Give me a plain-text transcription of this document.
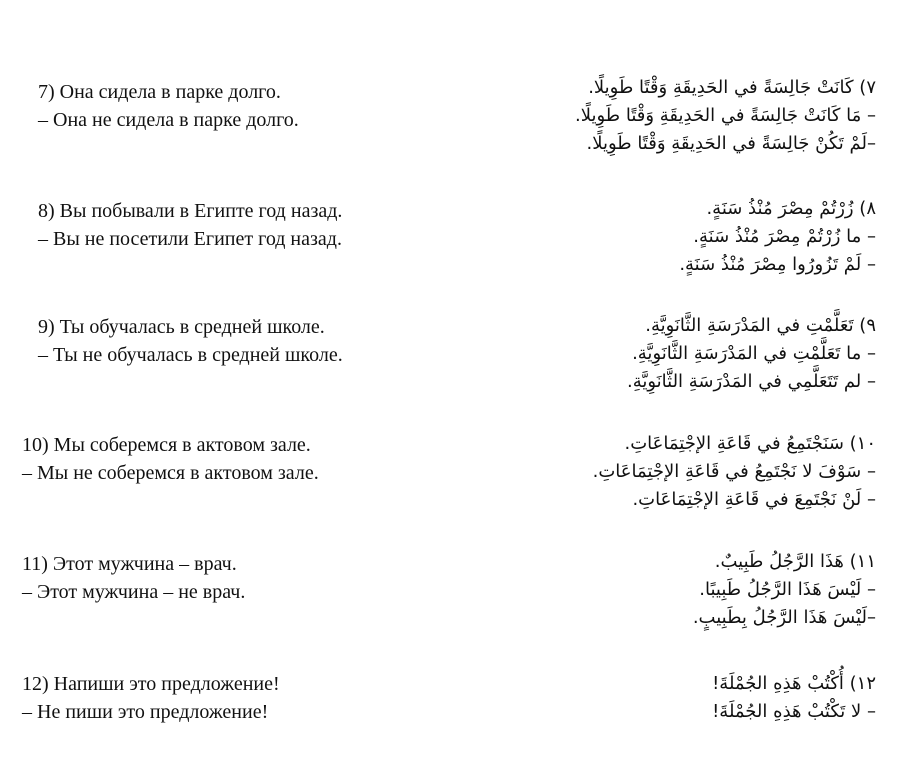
7) Она сидела в парке долго.
– Она не сидела в парке долго.
٧) كَانَتْ جَالِسَةً في الحَدِيقَةِ وَقْتًا طَوِيلًا.
– مَا كَانَتْ جَالِسَةً في الحَدِيقَةِ وَقْتًا طَوِيلًا.
–لَمْ تَكُنْ جَالِسَةً في الحَدِيقَةِ وَقْتًا طَوِيلًا.
8) Вы побывали в Египте год назад.
– Вы не посетили Египет год назад.
٨) زُرْتُمْ مِصْرَ مُنْذُ سَنَةٍ.
– ما زُرْتُمْ مِصْرَ مُنْذُ سَنَةٍ.
– لَمْ تَزُورُوا مِصْرَ مُنْذُ سَنَةٍ.
9) Ты обучалась в средней школе.
– Ты не обучалась в средней школе.
٩) تَعَلَّمْتِ في المَدْرَسَةِ الثَّانَوِيَّةِ.
– ما تَعَلَّمْتِ في المَدْرَسَةِ الثَّانَوِيَّةِ.
– لم تَتَعَلَّمِي في المَدْرَسَةِ الثَّانَوِيَّةِ.
10) Мы соберемся в актовом зале.
– Мы не соберемся в актовом зале.
١٠) سَنَجْتَمِعُ في قَاعَةِ الإجْتِمَاعَاتِ.
– سَوْفَ لا نَجْتَمِعُ في قَاعَةِ الإجْتِمَاعَاتِ.
– لَنْ نَجْتَمِعَ في قَاعَةِ الإجْتِمَاعَاتِ.
11) Этот мужчина – врач.
– Этот мужчина – не врач.
١١) هَذَا الرَّجُلُ طَبِيبٌ.
– لَيْسَ هَذَا الرَّجُلُ طَبِيبًا.
–لَيْسَ هَذَا الرَّجُلُ بِطَبِيبٍ.
12) Напиши это предложение!
– Не пиши это предложение!
١٢) أُكْتُبْ هَذِهِ الجُمْلَةَ!
– لا تَكْتُبْ هَذِهِ الجُمْلَةَ!
